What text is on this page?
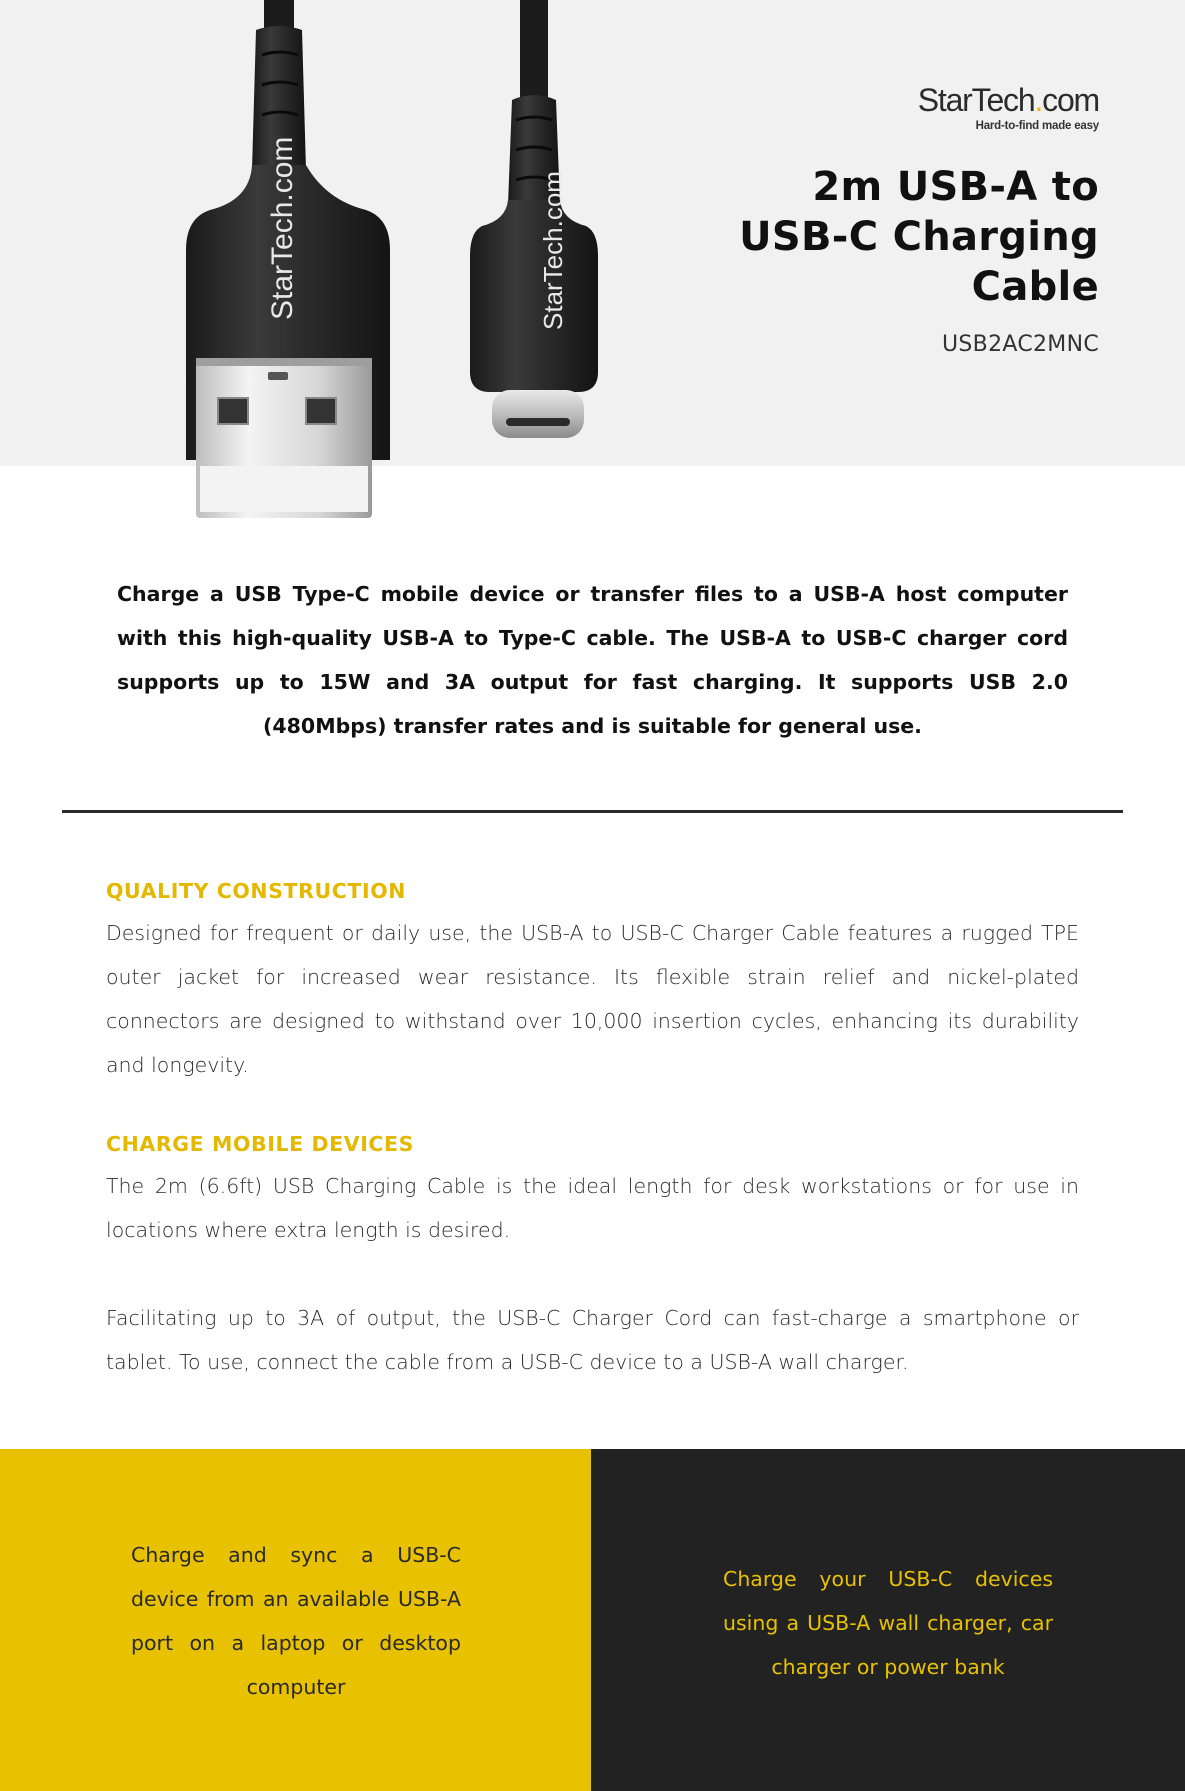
StarTech.com	StarTech.com
StarTech.com
Hard-to-find made easy
2m USB-A to
USB-C Charging
Cable
USB2AC2MNC

Charge a USB Type-C mobile device or transfer files to a USB-A host computer with this high-quality USB-A to Type-C cable. The USB-A to USB-C charger cord supports up to 15W and 3A output for fast charging. It supports USB 2.0 (480Mbps) transfer rates and is suitable for general use.

QUALITY CONSTRUCTION

Designed for frequent or daily use, the USB-A to USB-C Charger Cable features a rugged TPE outer jacket for increased wear resistance. Its flexible strain relief and nickel-plated connectors are designed to withstand over 10,000 insertion cycles, enhancing its durability and longevity.

CHARGE MOBILE DEVICES

The 2m (6.6ft) USB Charging Cable is the ideal length for desk workstations or for use in locations where extra length is desired.

Facilitating up to 3A of output, the USB-C Charger Cord can fast-charge a smartphone or tablet. To use, connect the cable from a USB-C device to a USB-A wall charger.

Charge and sync a USB-C device from an available USB-A port on a laptop or desktop computer

Charge your USB-C devices using a USB-A wall charger, car charger or power bank
